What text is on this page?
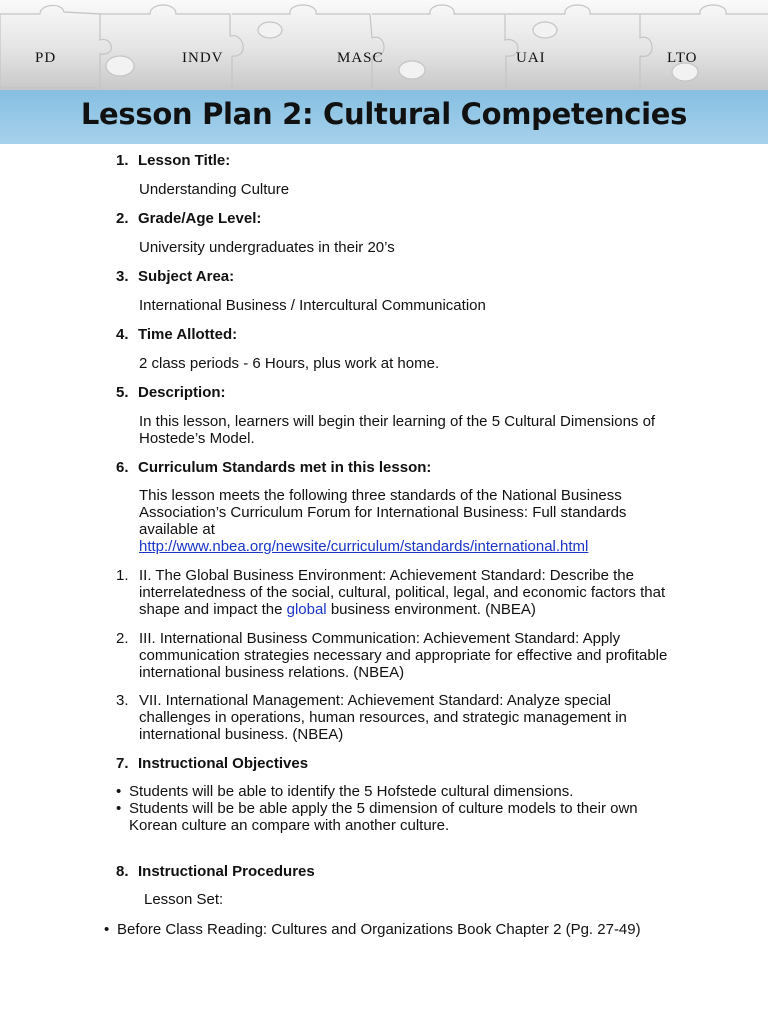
PD	INDV	MASC	UAI	LTO
Lesson Plan 2: Cultural Competencies
1. Lesson Title:
Understanding Culture
2. Grade/Age Level:
University undergraduates in their 20’s
3. Subject Area:
International Business / Intercultural Communication
4. Time Allotted:
2 class periods - 6 Hours, plus work at home.
5. Description:
In this lesson, learners will begin their learning of the 5 Cultural Dimensions of Hostede’s Model.
6. Curriculum Standards met in this lesson:
This lesson meets the following three standards of the National Business Association’s Curriculum Forum for International Business: Full standards available at
http://www.nbea.org/newsite/curriculum/standards/international.html
1. II. The Global Business Environment: Achievement Standard: Describe the interrelatedness of the social, cultural, political, legal, and economic factors that shape and impact the global business environment. (NBEA)
2. III. International Business Communication: Achievement Standard: Apply communication strategies necessary and appropriate for effective and profitable international business relations. (NBEA)
3. VII. International Management: Achievement Standard: Analyze special challenges in operations, human resources, and strategic management in international business. (NBEA)
7. Instructional Objectives
• Students will be able to identify the 5 Hofstede cultural dimensions.
• Students will be be able apply the 5 dimension of culture models to their own Korean culture an compare with another culture.
8. Instructional Procedures
Lesson Set:
• Before Class Reading: Cultures and Organizations Book Chapter 2 (Pg. 27-49)
